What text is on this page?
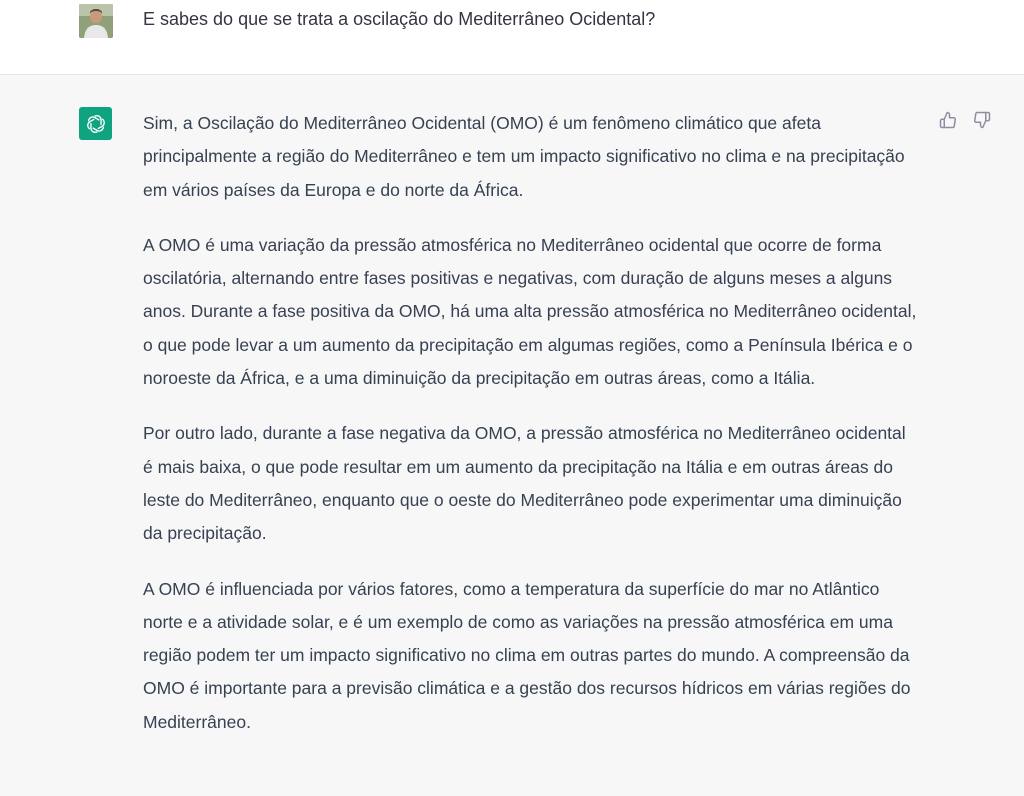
E sabes do que se trata a oscilação do Mediterrâneo Ocidental?

Sim, a Oscilação do Mediterrâneo Ocidental (OMO) é um fenômeno climático que afeta principalmente a região do Mediterrâneo e tem um impacto significativo no clima e na precipitação em vários países da Europa e do norte da África.

A OMO é uma variação da pressão atmosférica no Mediterrâneo ocidental que ocorre de forma oscilatória, alternando entre fases positivas e negativas, com duração de alguns meses a alguns anos. Durante a fase positiva da OMO, há uma alta pressão atmosférica no Mediterrâneo ocidental, o que pode levar a um aumento da precipitação em algumas regiões, como a Península Ibérica e o noroeste da África, e a uma diminuição da precipitação em outras áreas, como a Itália.

Por outro lado, durante a fase negativa da OMO, a pressão atmosférica no Mediterrâneo ocidental é mais baixa, o que pode resultar em um aumento da precipitação na Itália e em outras áreas do leste do Mediterrâneo, enquanto que o oeste do Mediterrâneo pode experimentar uma diminuição da precipitação.

A OMO é influenciada por vários fatores, como a temperatura da superfície do mar no Atlântico norte e a atividade solar, e é um exemplo de como as variações na pressão atmosférica em uma região podem ter um impacto significativo no clima em outras partes do mundo. A compreensão da OMO é importante para a previsão climática e a gestão dos recursos hídricos em várias regiões do Mediterrâneo.
